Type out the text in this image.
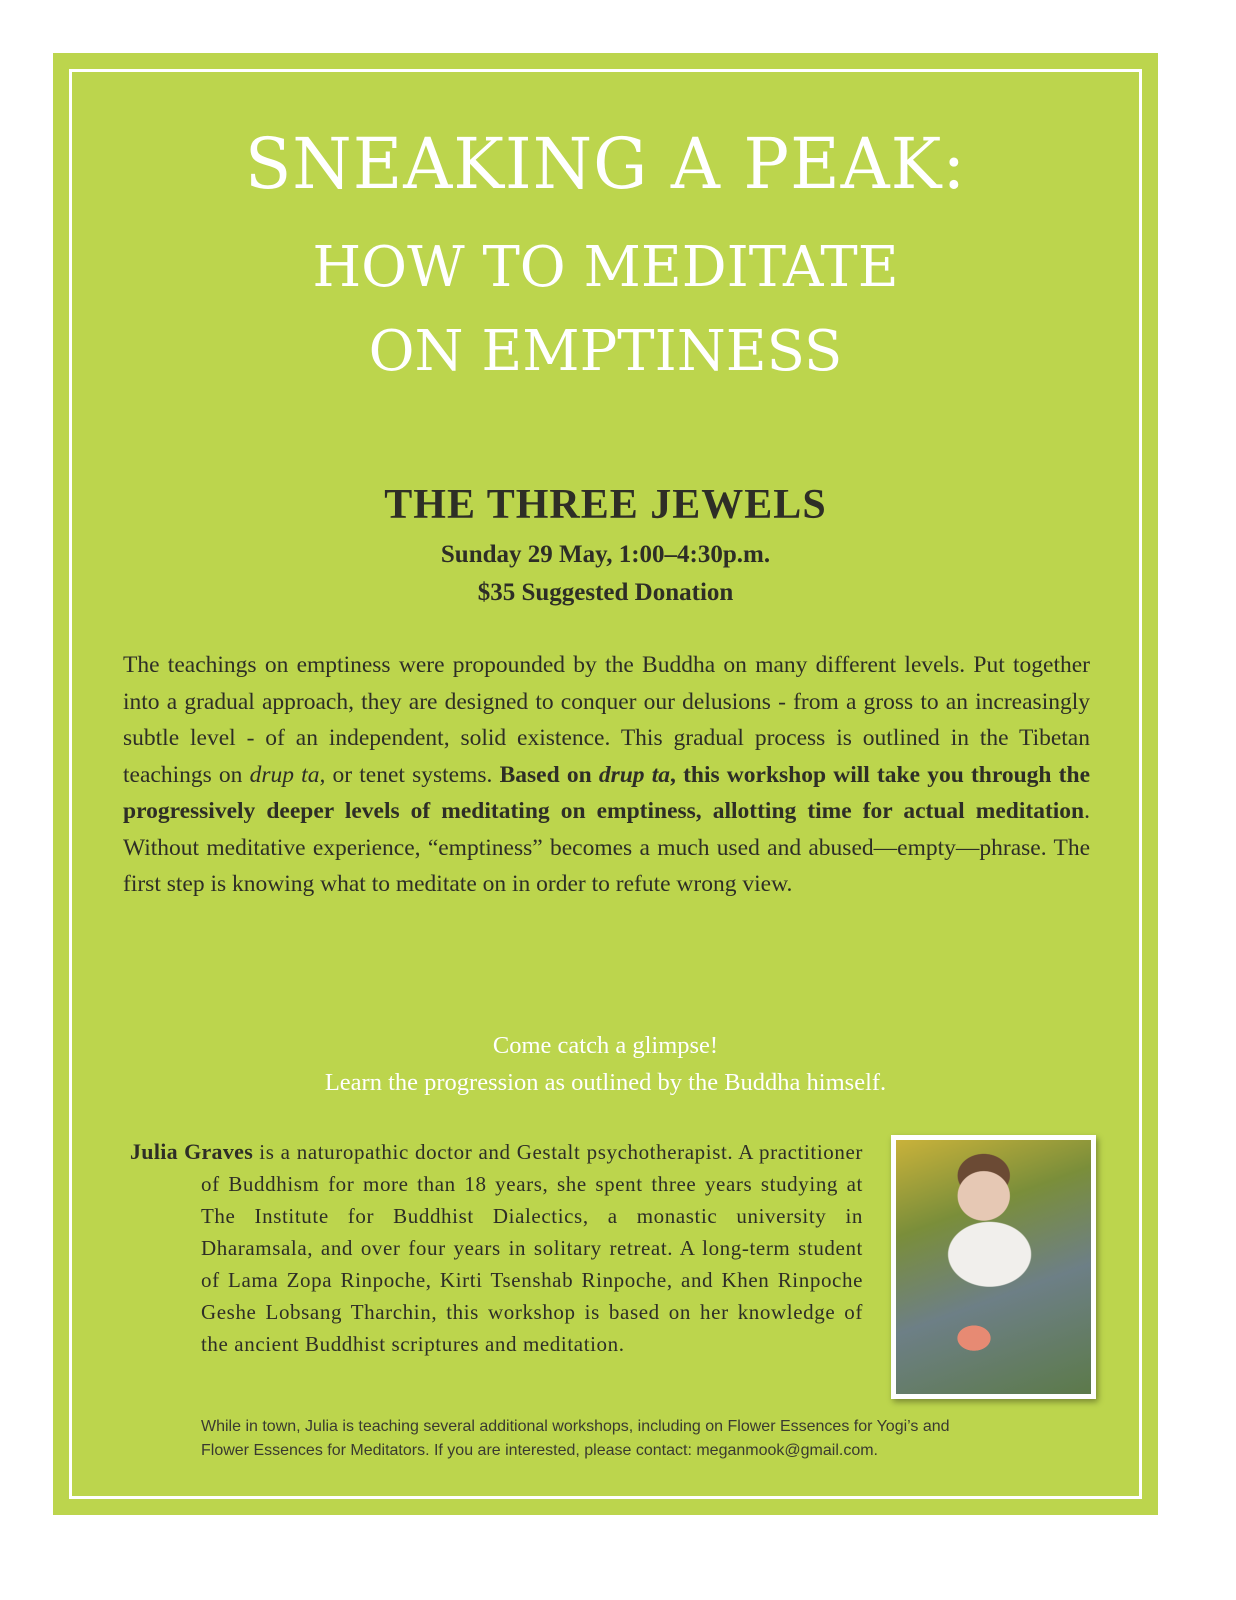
SNEAKING A PEAK:
HOW TO MEDITATE
ON EMPTINESS
THE THREE JEWELS
Sunday 29 May, 1:00–4:30p.m.
$35 Suggested Donation
The teachings on emptiness were propounded by the Buddha on many different levels. Put together into a gradual approach, they are designed to conquer our delusions - from a gross to an increasingly subtle level - of an independent, solid existence. This gradual process is outlined in the Tibetan teachings on drup ta, or tenet systems. Based on drup ta, this workshop will take you through the progressively deeper levels of meditating on emptiness, allotting time for actual meditation. Without meditative experience, “emptiness” becomes a much used and abused—empty—phrase. The first step is knowing what to meditate on in order to refute wrong view.
Come catch a glimpse!
Learn the progression as outlined by the Buddha himself.
Julia Graves is a naturopathic doctor and Gestalt psychotherapist. A practitioner of Buddhism for more than 18 years, she spent three years studying at The Institute for Buddhist Dialectics, a monastic university in Dharamsala, and over four years in solitary retreat. A long-term student of Lama Zopa Rinpoche, Kirti Tsenshab Rinpoche, and Khen Rinpoche Geshe Lobsang Tharchin, this workshop is based on her knowledge of the ancient Buddhist scriptures and meditation.
While in town, Julia is teaching several additional workshops, including on Flower Essences for Yogi’s and
Flower Essences for Meditators. If you are interested, please contact: meganmook@gmail.com.
